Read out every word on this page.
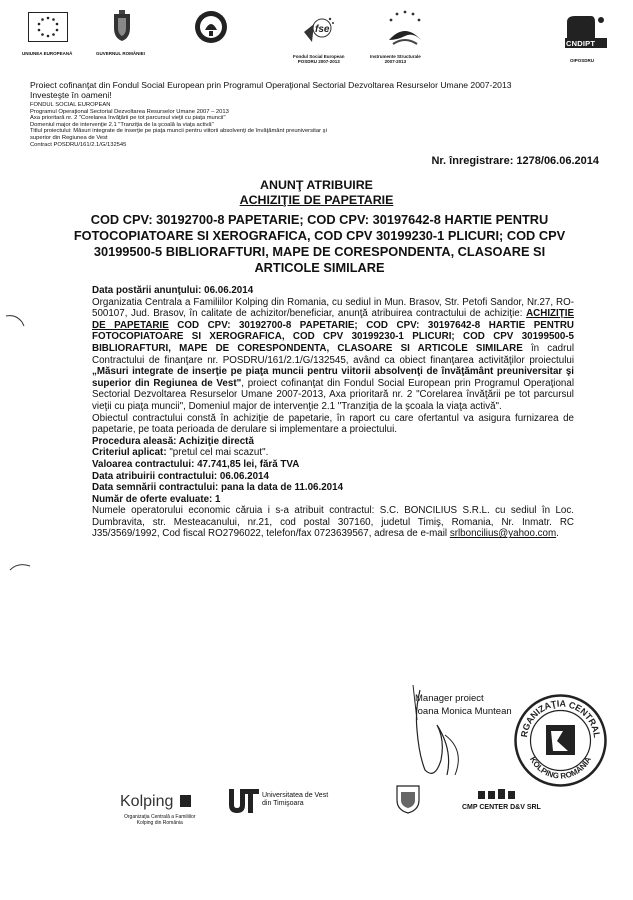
UNIUNEA EUROPEANĂ	GUVERNUL ROMÂNIEI
fse
Fondul Social European
POSDRU 2007-2013
Instrumente Structurale
2007-2013
CNDIPT
OIPOSDRU
Proiect cofinanţat din Fondul Social European prin Programul Operaţional Sectorial Dezvoltarea Resurselor Umane 2007-2013
Investeşte în oameni!
FONDUL SOCIAL EUROPEAN
Programul Operaţional Sectorial Dezvoltarea Resurselor Umane 2007 – 2013
Axa prioritară nr. 2 "Corelarea învăţării pe tot parcursul vieţii cu piaţa muncii"
Domeniul major de intervenţie 2.1 "Tranziţia de la şcoală la viaţa activă"
Titlul proiectului: Măsuri integrate de inserţie pe piaţa muncii pentru viitorii absolvenţi de învăţământ preuniversitar şi
superior din Regiunea de Vest
Contract POSDRU/161/2.1/G/132545
Nr. înregistrare: 1278/06.06.2014
ANUNŢ ATRIBUIRE
ACHIZIŢIE DE PAPETARIE
COD CPV: 30192700-8 PAPETARIE; COD CPV: 30197642-8 HARTIE PENTRU FOTOCOPIATOARE SI XEROGRAFICA, COD CPV 30199230-1 PLICURI; COD CPV 30199500-5 BIBLIORAFTURI, MAPE DE CORESPONDENTA, CLASOARE SI ARTICOLE SIMILARE

Data postării anunţului: 06.06.2014

Organizatia Centrala a Familiilor Kolping din Romania, cu sediul in Mun. Brasov, Str. Petofi Sandor, Nr.27, RO-500107, Jud. Brasov, în calitate de achizitor/beneficiar, anunţă atribuirea contractului de achiziţie: ACHIZIŢIE DE PAPETARIE COD CPV: 30192700-8 PAPETARIE; COD CPV: 30197642-8 HARTIE PENTRU FOTOCOPIATOARE SI XEROGRAFICA, COD CPV 30199230-1 PLICURI; COD CPV 30199500-5 BIBLIORAFTURI, MAPE DE CORESPONDENTA, CLASOARE SI ARTICOLE SIMILARE în cadrul Contractului de finanţare nr. POSDRU/161/2.1/G/132545, având ca obiect finanţarea activităţilor proiectului „Măsuri integrate de inserţie pe piaţa muncii pentru viitorii absolvenţi de învăţământ preuniversitar şi superior din Regiunea de Vest", proiect cofinanţat din Fondul Social European prin Programul Operaţional Sectorial Dezvoltarea Resurselor Umane 2007-2013, Axa prioritară nr. 2 "Corelarea învăţării pe tot parcursul vieţii cu piaţa muncii", Domeniul major de intervenţie 2.1 "Tranziţia de la şcoala la viaţa activă".

Obiectul contractului constă în achiziţie de papetarie, în raport cu care ofertantul va asigura furnizarea de papetarie, pe toata perioada de derulare si implementare a proiectului.

Procedura aleasă: Achiziţie directă

Criteriul aplicat: "pretul cel mai scazut".

Valoarea contractului: 47.741,85 lei, fără TVA

Data atribuirii contractului: 06.06.2014

Data semnării contractului: pana la data de 11.06.2014

Număr de oferte evaluate: 1

Numele operatorului economic căruia i s-a atribuit contractul: S.C. BONCILIUS S.R.L. cu sediul în Loc. Dumbravita, str. Mesteacanului, nr.21, cod postal 307160, judetul Timiş, Romania, Nr. Inmatr. RC J35/3569/1992, Cod fiscal RO2796022, telefon/fax 0723639567, adresa de e-mail srlboncilius@yahoo.com.

Manager proiect
Ioana Monica Muntean
RGANIZAŢIA CENTRAL
KOLPING ROMÂNIA
Kolping
Organizaţia Centrală a Familiilor
Kolping din România
Universitatea de Vest
din Timişoara
CMP CENTER D&V SRL
